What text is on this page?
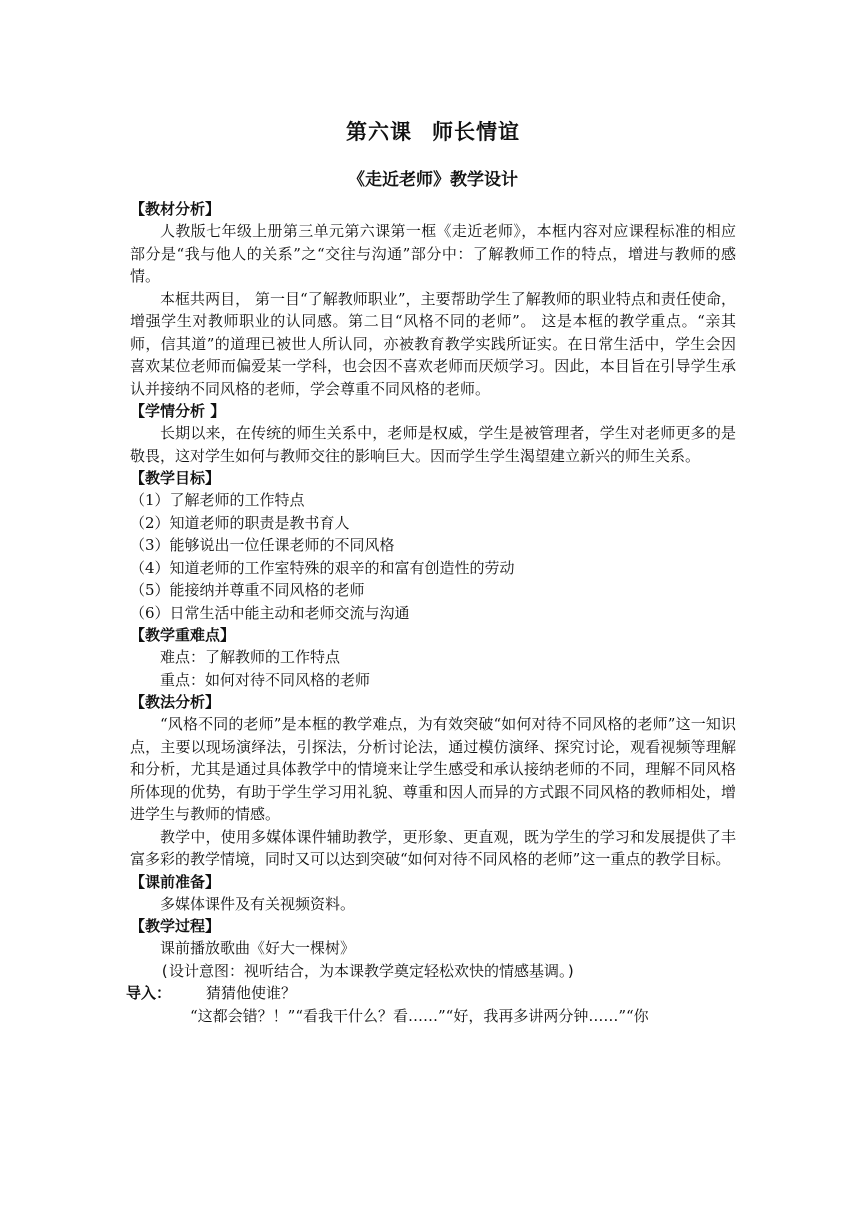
第六课 师长情谊
《走近老师》教学设计
【教材分析】

人教版七年级上册第三单元第六课第一框《走近老师》，本框内容对应课程标准的相应部分是“我与他人的关系”之“交往与沟通”部分中：了解教师工作的特点，增进与教师的感情。

本框共两目， 第一目“了解教师职业”，主要帮助学生了解教师的职业特点和责任使命，增强学生对教师职业的认同感。第二目“风格不同的老师”。 这是本框的教学重点。“亲其师，信其道”的道理已被世人所认同，亦被教育教学实践所证实。在日常生活中，学生会因喜欢某位老师而偏爱某一学科，也会因不喜欢老师而厌烦学习。因此，本目旨在引导学生承认并接纳不同风格的老师，学会尊重不同风格的老师。

【学情分析 】

长期以来，在传统的师生关系中，老师是权威，学生是被管理者，学生对老师更多的是敬畏，这对学生如何与教师交往的影响巨大。因而学生学生渴望建立新兴的师生关系。

【教学目标】

（1）了解老师的工作特点

（2）知道老师的职责是教书育人

（3）能够说出一位任课老师的不同风格

（4）知道老师的工作室特殊的艰辛的和富有创造性的劳动

（5）能接纳并尊重不同风格的老师

（6）日常生活中能主动和老师交流与沟通

【教学重难点】

难点：了解教师的工作特点

重点：如何对待不同风格的老师

【教法分析】

“风格不同的老师”是本框的教学难点，为有效突破“如何对待不同风格的老师”这一知识点，主要以现场演绎法，引探法，分析讨论法，通过模仿演绎、探究讨论，观看视频等理解和分析，尤其是通过具体教学中的情境来让学生感受和承认接纳老师的不同，理解不同风格所体现的优势，有助于学生学习用礼貌、尊重和因人而异的方式跟不同风格的教师相处，增进学生与教师的情感。

教学中，使用多媒体课件辅助教学，更形象、更直观，既为学生的学习和发展提供了丰富多彩的教学情境，同时又可以达到突破“如何对待不同风格的老师”这一重点的教学目标。

【课前准备】

多媒体课件及有关视频资料。

【教学过程】

课前播放歌曲《好大一棵树》

(设计意图：视听结合，为本课教学奠定轻松欢快的情感基调。)

导入： 猜猜他使谁？

“这都会错？！”“看我干什么？看……”“好，我再多讲两分钟……”“你
